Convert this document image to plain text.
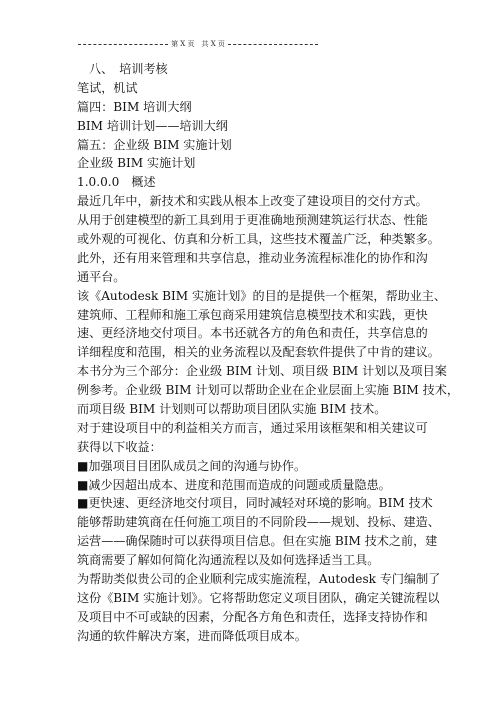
第 X 页　共 X 页
八、　培训考核
笔试，机试
篇四：BIM 培训大纲
BIM 培训计划——培训大纲
篇五：企业级 BIM 实施计划
企业级 BIM 实施计划
1.0.0.0　概述
最近几年中，新技术和实践从根本上改变了建设项目的交付方式。
从用于创建模型的新工具到用于更准确地预测建筑运行状态、性能
或外观的可视化、仿真和分析工具，这些技术覆盖广泛，种类繁多。
此外，还有用来管理和共享信息，推动业务流程标准化的协作和沟
通平台。
该《Autodesk BIM 实施计划》的目的是提供一个框架，帮助业主、
建筑师、工程师和施工承包商采用建筑信息模型技术和实践，更快
速、更经济地交付项目。本书还就各方的角色和责任，共享信息的
详细程度和范围，相关的业务流程以及配套软件提供了中肯的建议。
本书分为三个部分：企业级 BIM 计划、项目级 BIM 计划以及项目案
例参考。企业级 BIM 计划可以帮助企业在企业层面上实施 BIM 技术，
而项目级 BIM 计划则可以帮助项目团队实施 BIM 技术。
对于建设项目中的利益相关方而言，通过采用该框架和相关建议可
获得以下收益：
■加强项目目团队成员之间的沟通与协作。
■减少因超出成本、进度和范围而造成的问题或质量隐患。
■更快速、更经济地交付项目，同时减轻对环境的影响。BIM 技术
能够帮助建筑商在任何施工项目的不同阶段——规划、投标、建造、
运营——确保随时可以获得项目信息。但在实施 BIM 技术之前，建
筑商需要了解如何简化沟通流程以及如何选择适当工具。
为帮助类似贵公司的企业顺利完成实施流程，Autodesk 专门编制了
这份《BIM 实施计划》。它将帮助您定义项目团队，确定关键流程以
及项目中不可或缺的因素，分配各方角色和责任，选择支持协作和
沟通的软件解决方案，进而降低项目成本。
